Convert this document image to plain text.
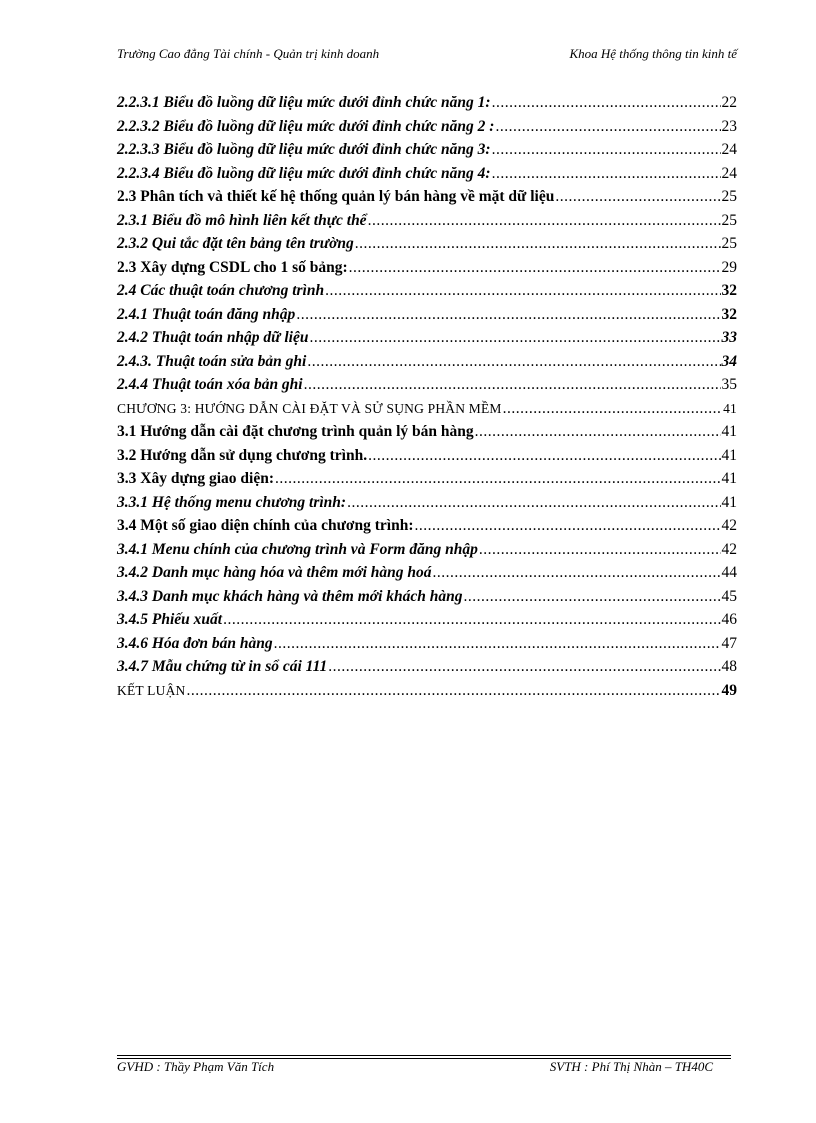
Trường Cao đẳng Tài chính - Quản trị kinh doanh	Khoa Hệ thống thông tin kinh tế
2.2.3.1 Biểu đồ luồng dữ liệu mức dưới đỉnh chức năng 1: .....	22
2.2.3.2 Biểu đồ luồng dữ liệu mức dưới đỉnh chức năng 2 : .....	23
2.2.3.3 Biểu đồ luồng dữ liệu mức dưới đỉnh chức năng 3: .....	24
2.2.3.4 Biểu đồ luồng dữ liệu mức dưới đỉnh chức năng 4: .....	24
2.3 Phân tích và thiết kế hệ thống quản lý bán hàng về mặt dữ liệu .....	25
2.3.1 Biểu đồ mô hình liên kết thực thể .....	25
2.3.2 Qui tắc đặt tên bảng tên trường .....	25
2.3 Xây dựng CSDL cho 1 số bảng: .....	29
2.4 Các thuật toán chương trình .....	32
2.4.1 Thuật toán đăng nhập .....	32
2.4.2 Thuật toán nhập dữ liệu .....	33
2.4.3. Thuật toán sửa bản ghi .....	34
2.4.4 Thuật toán xóa bản ghi .....	35
CHƯƠNG 3: HƯỚNG DẪN CÀI ĐẶT VÀ SỬ SỤNG PHẦN MỀM .....	41
3.1 Hướng dẫn cài đặt chương trình quản lý bán hàng .....	41
3.2 Hướng dẫn sử dụng chương trình. .....	41
3.3 Xây dựng giao diện: .....	41
3.3.1 Hệ thống menu chương trình: .....	41
3.4 Một số giao diện chính của chương trình: .....	42
3.4.1 Menu chính của chương trình và Form đăng nhập .....	42
3.4.2 Danh mục hàng hóa và thêm mới hàng hoá .....	44
3.4.3 Danh mục khách hàng và thêm mới khách hàng .....	45
3.4.5 Phiếu xuất .....	46
3.4.6 Hóa đơn bán hàng .....	47
3.4.7 Mẫu chứng từ in sổ cái 111 .....	48
KẾT LUẬN .....	49
GVHD : Thầy Phạm Văn Tích	SVTH : Phí Thị Nhàn – TH40C
